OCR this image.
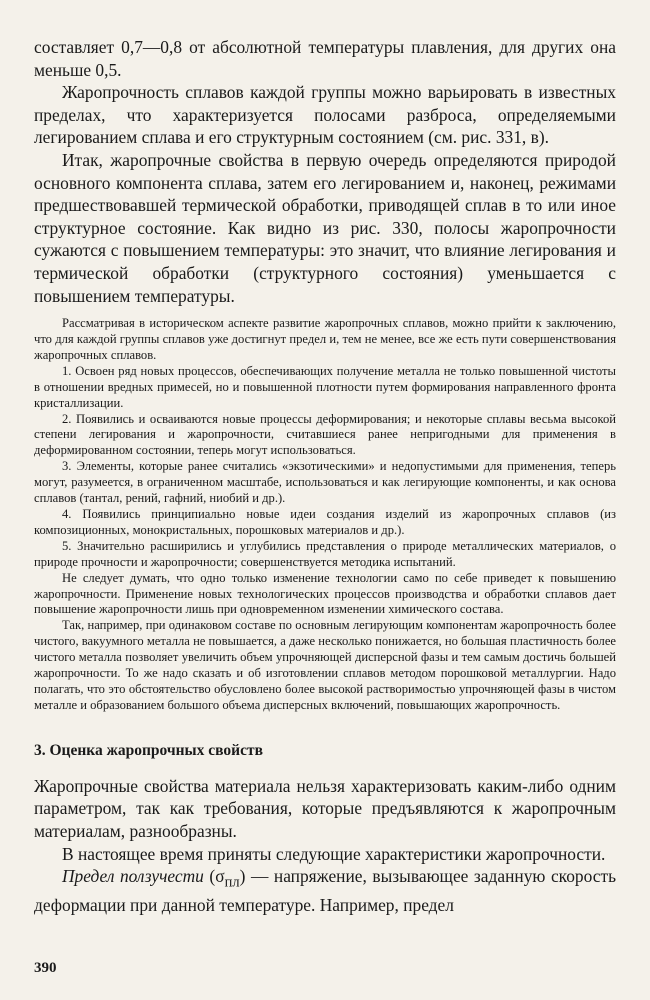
составляет 0,7—0,8 от абсолютной температуры плавления, для других она меньше 0,5.

Жаропрочность сплавов каждой группы можно варьировать в известных пределах, что характеризуется полосами разброса, определяемыми легированием сплава и его структурным состоянием (см. рис. 331, в).

Итак, жаропрочные свойства в первую очередь определяются природой основного компонента сплава, затем его легированием и, наконец, режимами предшествовавшей термической обработки, приводящей сплав в то или иное структурное состояние. Как видно из рис. 330, полосы жаропрочности сужаются с повышением температуры: это значит, что влияние легирования и термической обработки (структурного состояния) уменьшается с повышением температуры.

Рассматривая в историческом аспекте развитие жаропрочных сплавов, можно прийти к заключению, что для каждой группы сплавов уже достигнут предел и, тем не менее, все же есть пути совершенствования жаропрочных сплавов.

1. Освоен ряд новых процессов, обеспечивающих получение металла не только повышенной чистоты в отношении вредных примесей, но и повышенной плотности путем формирования направленного фронта кристаллизации.

2. Появились и осваиваются новые процессы деформирования; и некоторые сплавы весьма высокой степени легирования и жаропрочности, считавшиеся ранее непригодными для применения в деформированном состоянии, теперь могут использоваться.

3. Элементы, которые ранее считались «экзотическими» и недопустимыми для применения, теперь могут, разумеется, в ограниченном масштабе, использоваться и как легирующие компоненты, и как основа сплавов (тантал, рений, гафний, ниобий и др.).

4. Появились принципиально новые идеи создания изделий из жаропрочных сплавов (из композиционных, монокристальных, порошковых материалов и др.).

5. Значительно расширились и углубились представления о природе металлических материалов, о природе прочности и жаропрочности; совершенствуется методика испытаний.

Не следует думать, что одно только изменение технологии само по себе приведет к повышению жаропрочности. Применение новых технологических процессов производства и обработки сплавов дает повышение жаропрочности лишь при одновременном изменении химического состава.

Так, например, при одинаковом составе по основным легирующим компонентам жаропрочность более чистого, вакуумного металла не повышается, а даже несколько понижается, но большая пластичность более чистого металла позволяет увеличить объем упрочняющей дисперсной фазы и тем самым достичь большей жаропрочности. То же надо сказать и об изготовлении сплавов методом порошковой металлургии. Надо полагать, что это обстоятельство обусловлено более высокой растворимостью упрочняющей фазы в чистом металле и образованием большого объема дисперсных включений, повышающих жаропрочность.

3. Оценка жаропрочных свойств

Жаропрочные свойства материала нельзя характеризовать каким-либо одним параметром, так как требования, которые предъявляются к жаропрочным материалам, разнообразны.

В настоящее время приняты следующие характеристики жаропрочности.

Предел ползучести $(\sigma_{пл})$ — напряжение, вызывающее заданную скорость деформации при данной температуре. Например, предел

390
